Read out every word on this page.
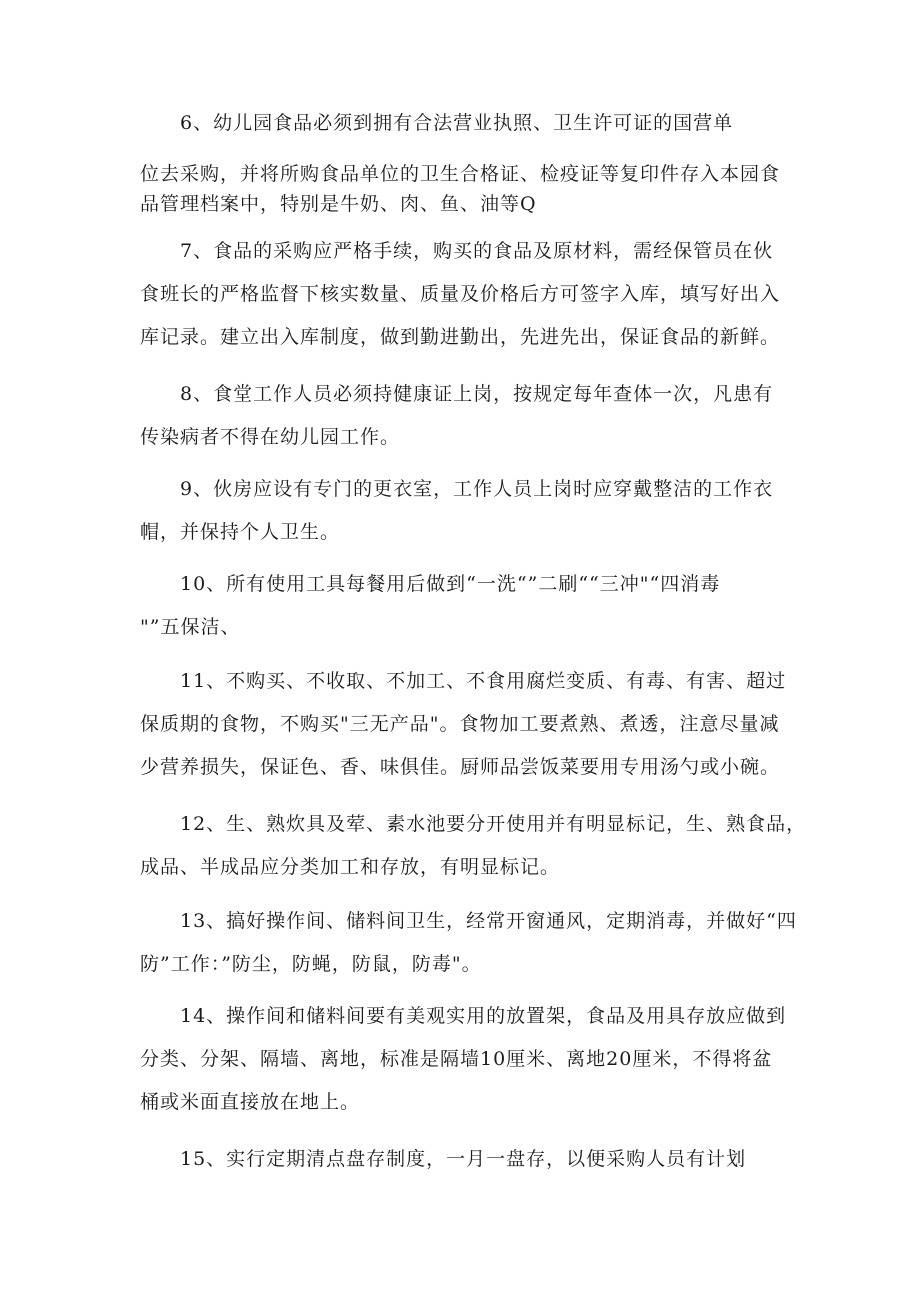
6、幼儿园食品必须到拥有合法营业执照、卫生许可证的国营单
位去采购，并将所购食品单位的卫生合格证、检疫证等复印件存入本园食
品管理档案中，特别是牛奶、肉、鱼、油等Q
7、食品的采购应严格手续，购买的食品及原材料，需经保管员在伙
食班长的严格监督下核实数量、质量及价格后方可签字入库，填写好出入
库记录。建立出入库制度，做到勤进勤出，先进先出，保证食品的新鲜。
8、食堂工作人员必须持健康证上岗，按规定每年查体一次，凡患有
传染病者不得在幼儿园工作。
9、伙房应设有专门的更衣室，工作人员上岗时应穿戴整洁的工作衣
帽，并保持个人卫生。
10、所有使用工具每餐用后做到“一洗“”二刷““三冲"“四消毒
"”五保洁、
11、不购买、不收取、不加工、不食用腐烂变质、有毒、有害、超过
保质期的食物，不购买"三无产品"。食物加工要煮熟、煮透，注意尽量减
少营养损失，保证色、香、味俱佳。厨师品尝饭菜要用专用汤勺或小碗。
12、生、熟炊具及荤、素水池要分开使用并有明显标记，生、熟食品，
成品、半成品应分类加工和存放，有明显标记。
13、搞好操作间、储料间卫生，经常开窗通风，定期消毒，并做好“四
防”工作：”防尘，防蝇，防鼠，防毒"。
14、操作间和储料间要有美观实用的放置架，食品及用具存放应做到
分类、分架、隔墙、离地，标准是隔墙10厘米、离地20厘米，不得将盆
桶或米面直接放在地上。
15、实行定期清点盘存制度，一月一盘存，以便采购人员有计划
